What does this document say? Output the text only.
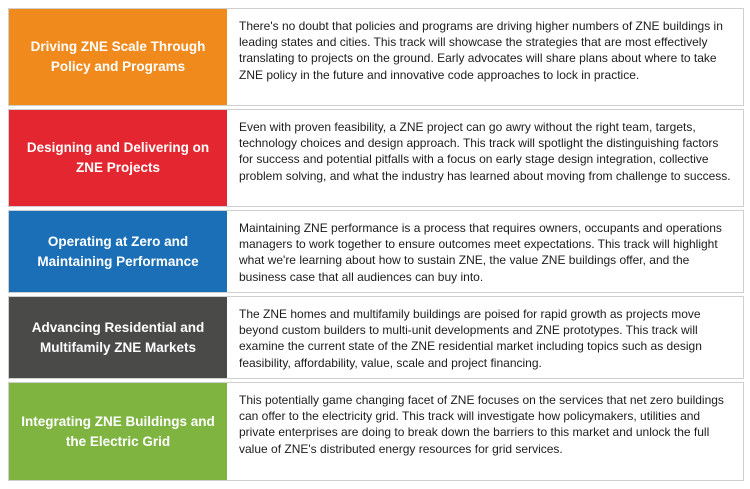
Driving ZNE Scale Through Policy and Programs
There's no doubt that policies and programs are driving higher numbers of ZNE buildings in leading states and cities. This track will showcase the strategies that are most effectively translating to projects on the ground. Early advocates will share plans about where to take ZNE policy in the future and innovative code approaches to lock in practice.
Designing and Delivering on ZNE Projects
Even with proven feasibility, a ZNE project can go awry without the right team, targets, technology choices and design approach. This track will spotlight the distinguishing factors for success and potential pitfalls with a focus on early stage design integration, collective problem solving, and what the industry has learned about moving from challenge to success.
Operating at Zero and Maintaining Performance
Maintaining ZNE performance is a process that requires owners, occupants and operations managers to work together to ensure outcomes meet expectations. This track will highlight what we're learning about how to sustain ZNE, the value ZNE buildings offer, and the business case that all audiences can buy into.
Advancing Residential and Multifamily ZNE Markets
The ZNE homes and multifamily buildings are poised for rapid growth as projects move beyond custom builders to multi-unit developments and ZNE prototypes. This track will examine the current state of the ZNE residential market including topics such as design feasibility, affordability, value, scale and project financing.
Integrating ZNE Buildings and the Electric Grid
This potentially game changing facet of ZNE focuses on the services that net zero buildings can offer to the electricity grid. This track will investigate how policymakers, utilities and private enterprises are doing to break down the barriers to this market and unlock the full value of ZNE's distributed energy resources for grid services.
